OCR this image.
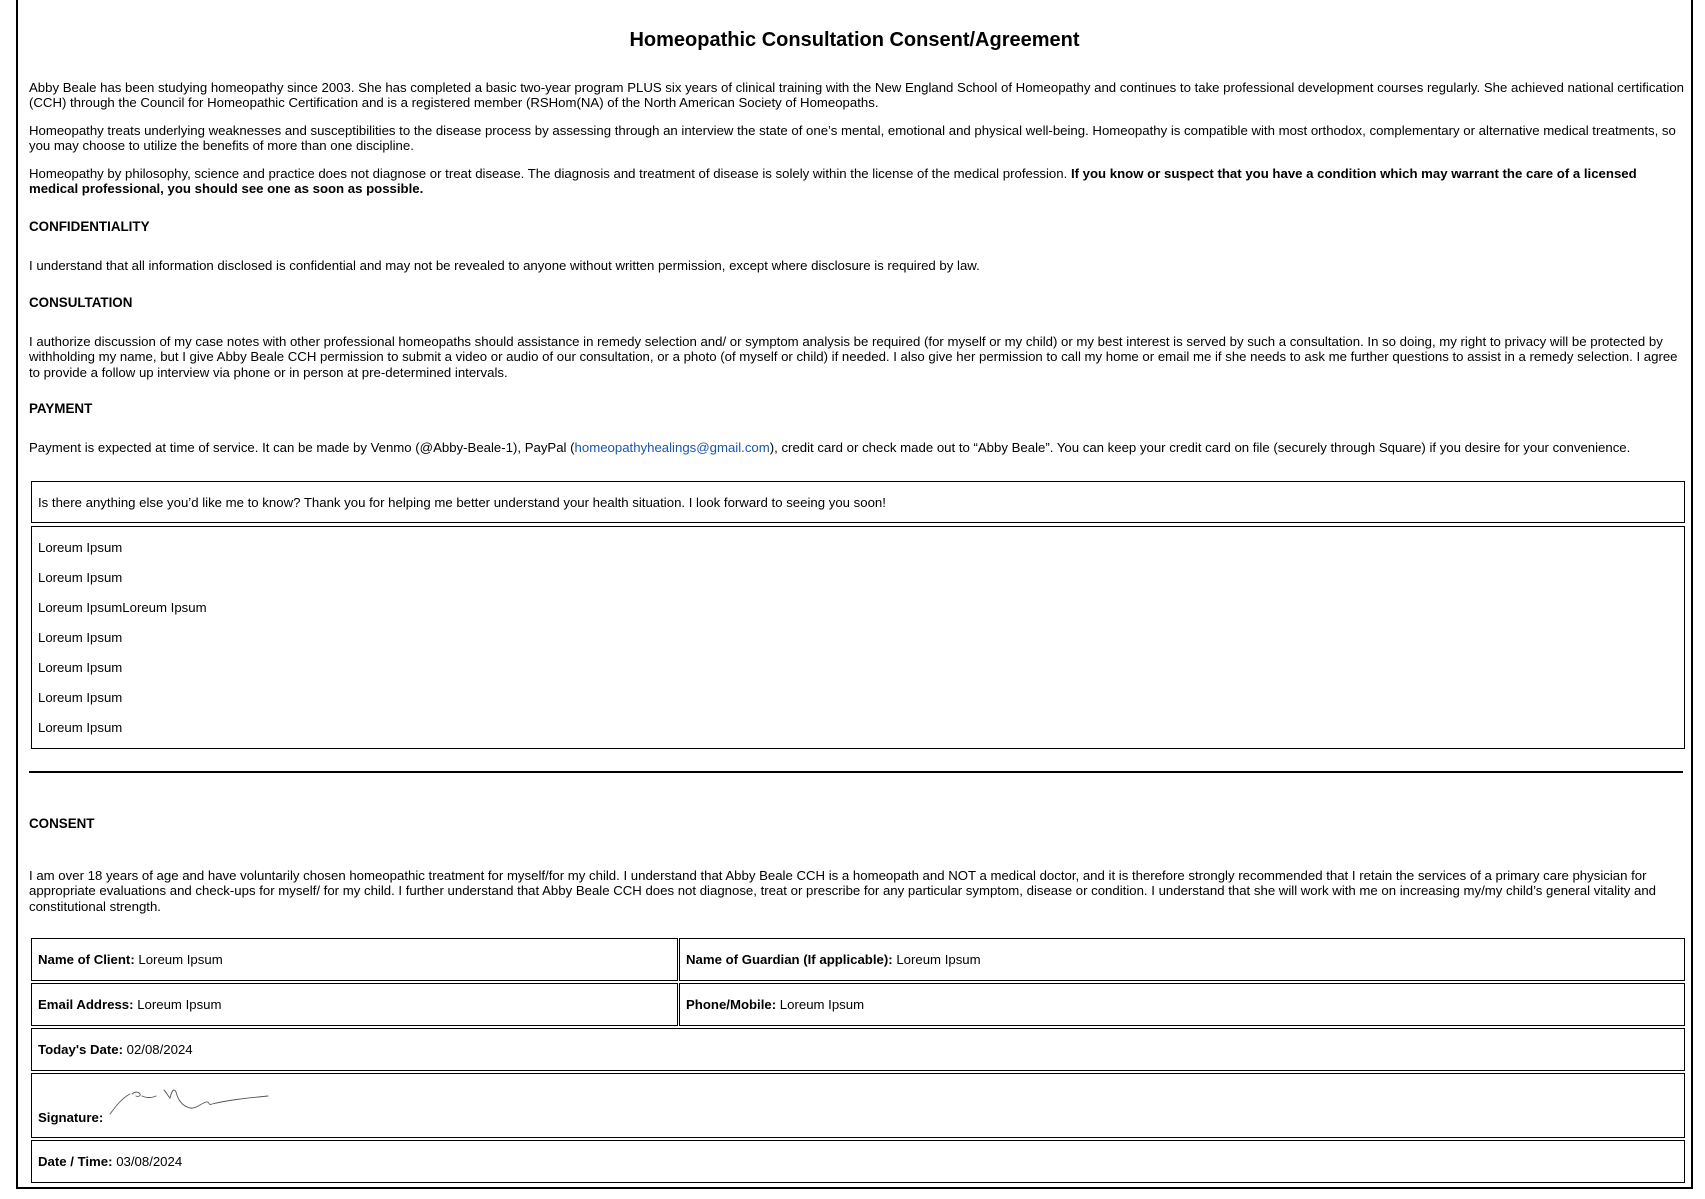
Homeopathic Consultation Consent/Agreement
Abby Beale has been studying homeopathy since 2003. She has completed a basic two-year program PLUS six years of clinical training with the New England School of Homeopathy and continues to take professional development courses regularly. She achieved national certification (CCH) through the Council for Homeopathic Certification and is a registered member (RSHom(NA) of the North American Society of Homeopaths.
Homeopathy treats underlying weaknesses and susceptibilities to the disease process by assessing through an interview the state of one’s mental, emotional and physical well-being. Homeopathy is compatible with most orthodox, complementary or alternative medical treatments, so you may choose to utilize the benefits of more than one discipline.
Homeopathy by philosophy, science and practice does not diagnose or treat disease. The diagnosis and treatment of disease is solely within the license of the medical profession. If you know or suspect that you have a condition which may warrant the care of a licensed medical professional, you should see one as soon as possible.
CONFIDENTIALITY
I understand that all information disclosed is confidential and may not be revealed to anyone without written permission, except where disclosure is required by law.
CONSULTATION
I authorize discussion of my case notes with other professional homeopaths should assistance in remedy selection and/ or symptom analysis be required (for myself or my child) or my best interest is served by such a consultation. In so doing, my right to privacy will be protected by withholding my name, but I give Abby Beale CCH permission to submit a video or audio of our consultation, or a photo (of myself or child) if needed. I also give her permission to call my home or email me if she needs to ask me further questions to assist in a remedy selection. I agree to provide a follow up interview via phone or in person at pre-determined intervals.
PAYMENT
Payment is expected at time of service. It can be made by Venmo (@Abby-Beale-1), PayPal (homeopathyhealings@gmail.com), credit card or check made out to “Abby Beale”. You can keep your credit card on file (securely through Square) if you desire for your convenience.
Is there anything else you’d like me to know? Thank you for helping me better understand your health situation. I look forward to seeing you soon!
Loreum Ipsum
Loreum Ipsum
Loreum IpsumLoreum Ipsum
Loreum Ipsum
Loreum Ipsum
Loreum Ipsum
Loreum Ipsum
CONSENT
I am over 18 years of age and have voluntarily chosen homeopathic treatment for myself/for my child. I understand that Abby Beale CCH is a homeopath and NOT a medical doctor, and it is therefore strongly recommended that I retain the services of a primary care physician for appropriate evaluations and check-ups for myself/ for my child. I further understand that Abby Beale CCH does not diagnose, treat or prescribe for any particular symptom, disease or condition. I understand that she will work with me on increasing my/my child’s general vitality and constitutional strength.
Name of Client: Loreum Ipsum	Name of Guardian (If applicable): Loreum Ipsum
Email Address: Loreum Ipsum	Phone/Mobile: Loreum Ipsum
Today's Date: 02/08/2024
Signature:
Date / Time: 03/08/2024
